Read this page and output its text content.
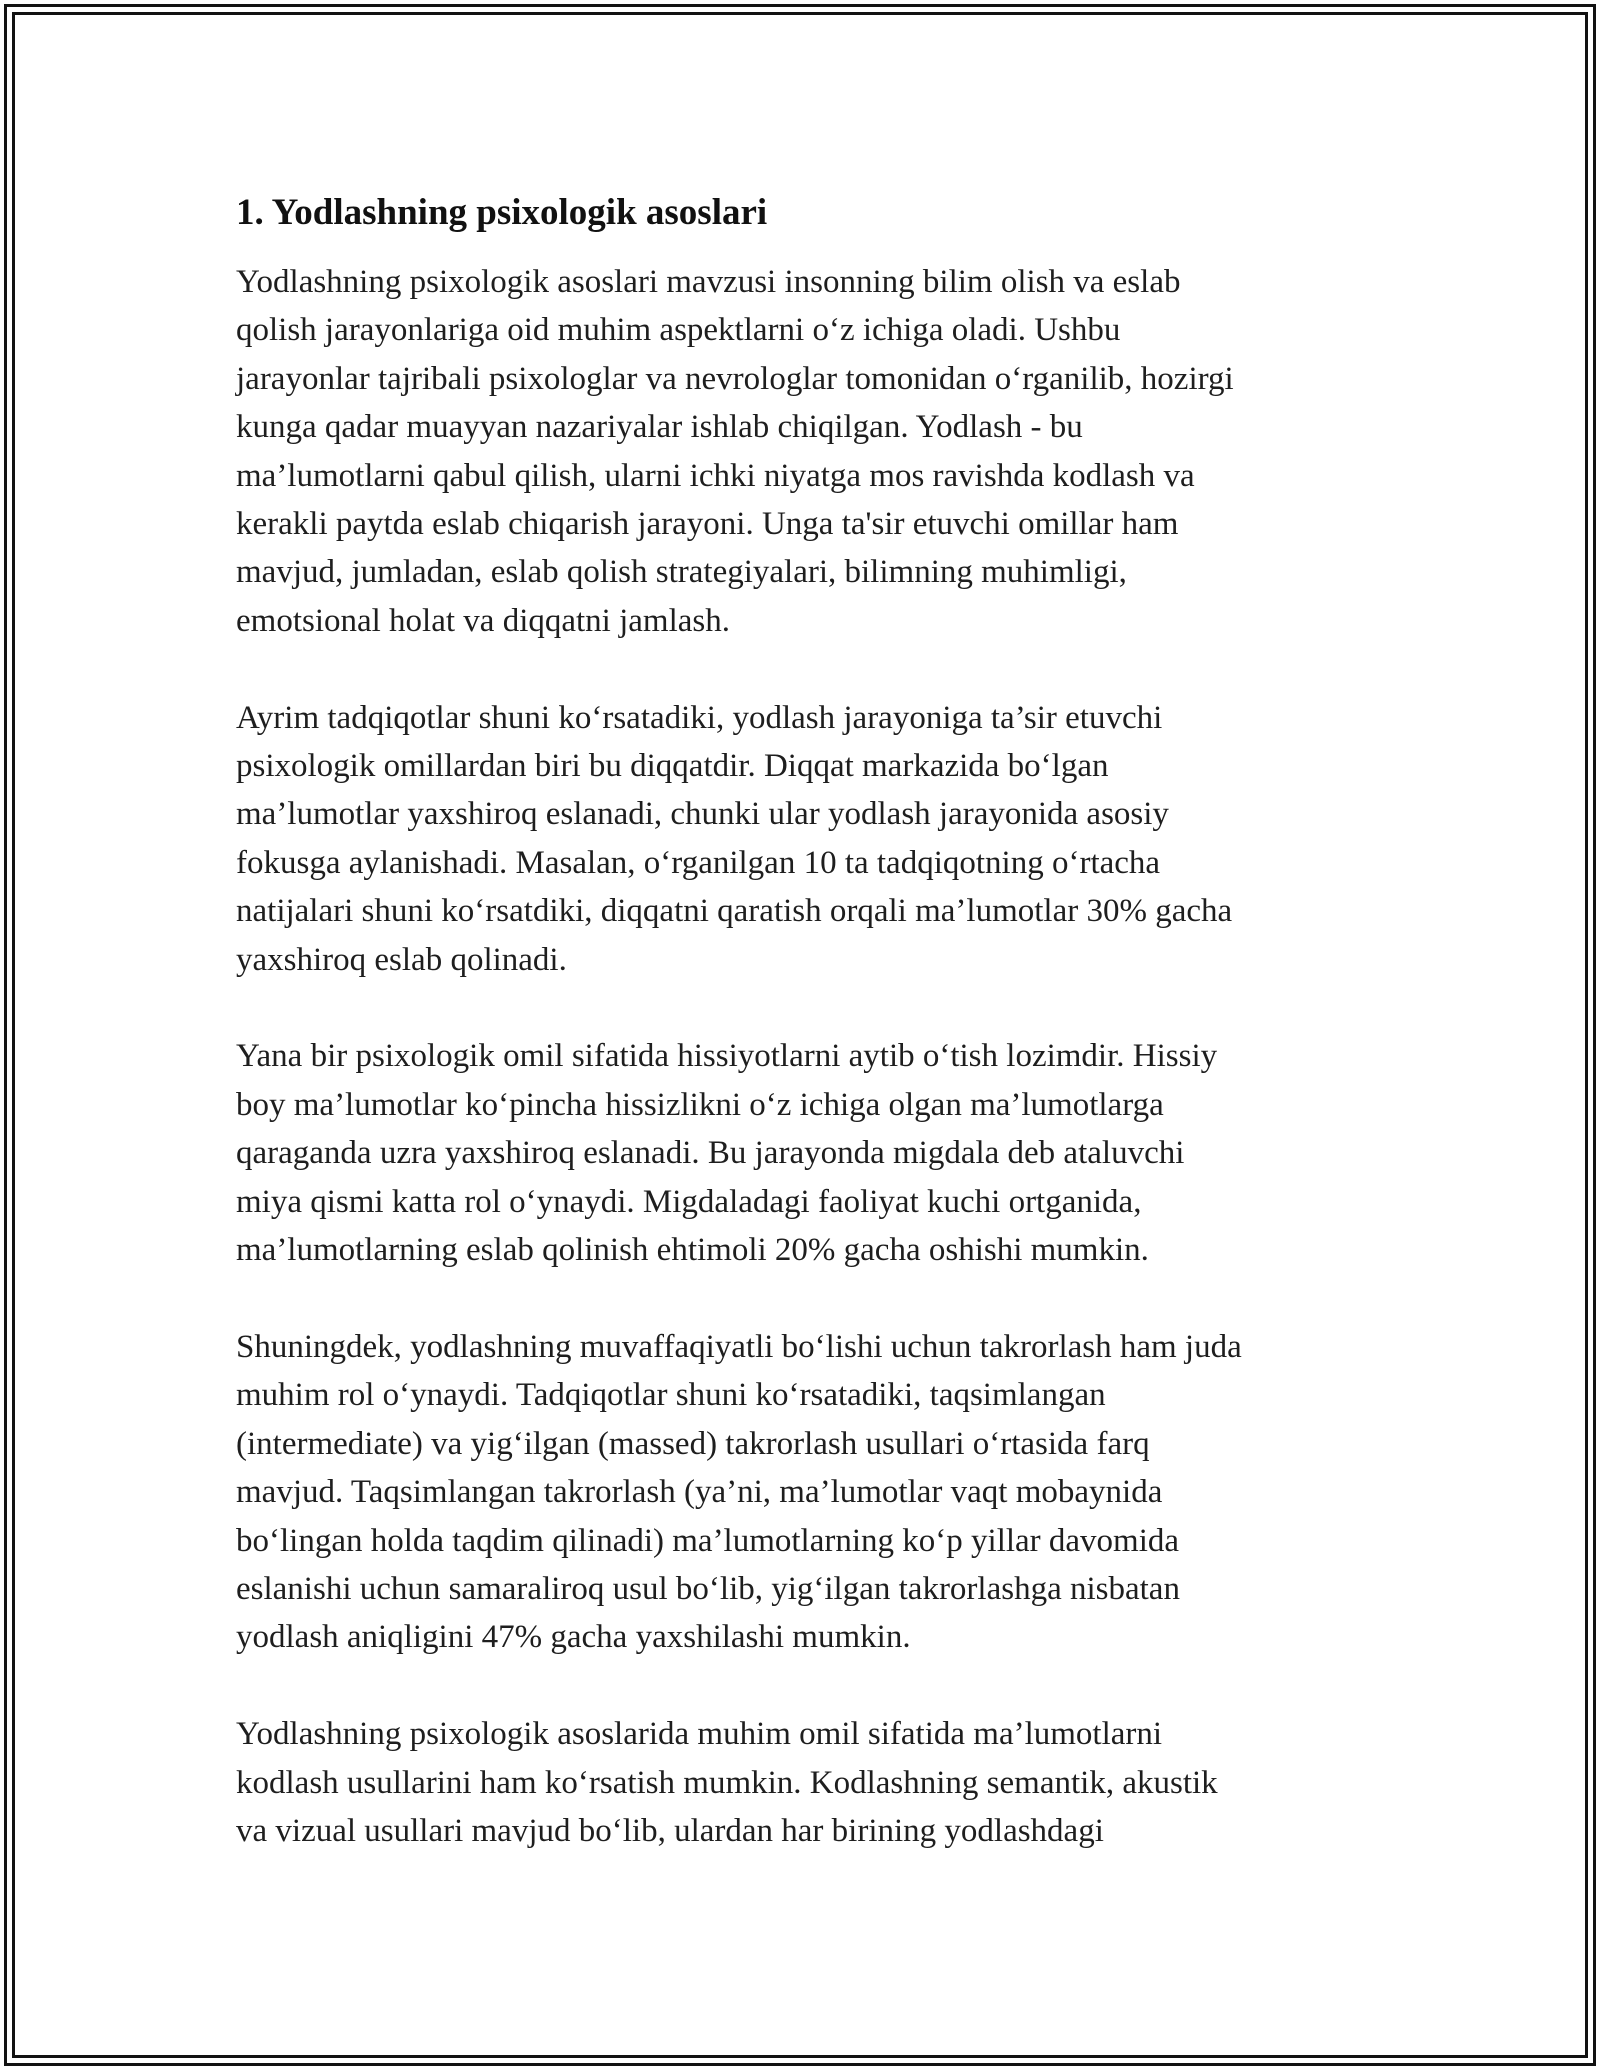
1. Yodlashning psixologik asoslari
Yodlashning psixologik asoslari mavzusi insonning bilim olish va eslab
qolish jarayonlariga oid muhim aspektlarni o‘z ichiga oladi. Ushbu
jarayonlar tajribali psixologlar va nevrologlar tomonidan o‘rganilib, hozirgi
kunga qadar muayyan nazariyalar ishlab chiqilgan. Yodlash - bu
ma’lumotlarni qabul qilish, ularni ichki niyatga mos ravishda kodlash va
kerakli paytda eslab chiqarish jarayoni. Unga ta'sir etuvchi omillar ham
mavjud, jumladan, eslab qolish strategiyalari, bilimning muhimligi,
emotsional holat va diqqatni jamlash.
Ayrim tadqiqotlar shuni ko‘rsatadiki, yodlash jarayoniga ta’sir etuvchi
psixologik omillardan biri bu diqqatdir. Diqqat markazida bo‘lgan
ma’lumotlar yaxshiroq eslanadi, chunki ular yodlash jarayonida asosiy
fokusga aylanishadi. Masalan, o‘rganilgan 10 ta tadqiqotning o‘rtacha
natijalari shuni ko‘rsatdiki, diqqatni qaratish orqali ma’lumotlar 30% gacha
yaxshiroq eslab qolinadi.
Yana bir psixologik omil sifatida hissiyotlarni aytib o‘tish lozimdir. Hissiy
boy ma’lumotlar ko‘pincha hissizlikni o‘z ichiga olgan ma’lumotlarga
qaraganda uzra yaxshiroq eslanadi. Bu jarayonda migdala deb ataluvchi
miya qismi katta rol o‘ynaydi. Migdaladagi faoliyat kuchi ortganida,
ma’lumotlarning eslab qolinish ehtimoli 20% gacha oshishi mumkin.
Shuningdek, yodlashning muvaffaqiyatli bo‘lishi uchun takrorlash ham juda
muhim rol o‘ynaydi. Tadqiqotlar shuni ko‘rsatadiki, taqsimlangan
(intermediate) va yig‘ilgan (massed) takrorlash usullari o‘rtasida farq
mavjud. Taqsimlangan takrorlash (ya’ni, ma’lumotlar vaqt mobaynida
bo‘lingan holda taqdim qilinadi) ma’lumotlarning ko‘p yillar davomida
eslanishi uchun samaraliroq usul bo‘lib, yig‘ilgan takrorlashga nisbatan
yodlash aniqligini 47% gacha yaxshilashi mumkin.
Yodlashning psixologik asoslarida muhim omil sifatida ma’lumotlarni
kodlash usullarini ham ko‘rsatish mumkin. Kodlashning semantik, akustik
va vizual usullari mavjud bo‘lib, ulardan har birining yodlashdagi
